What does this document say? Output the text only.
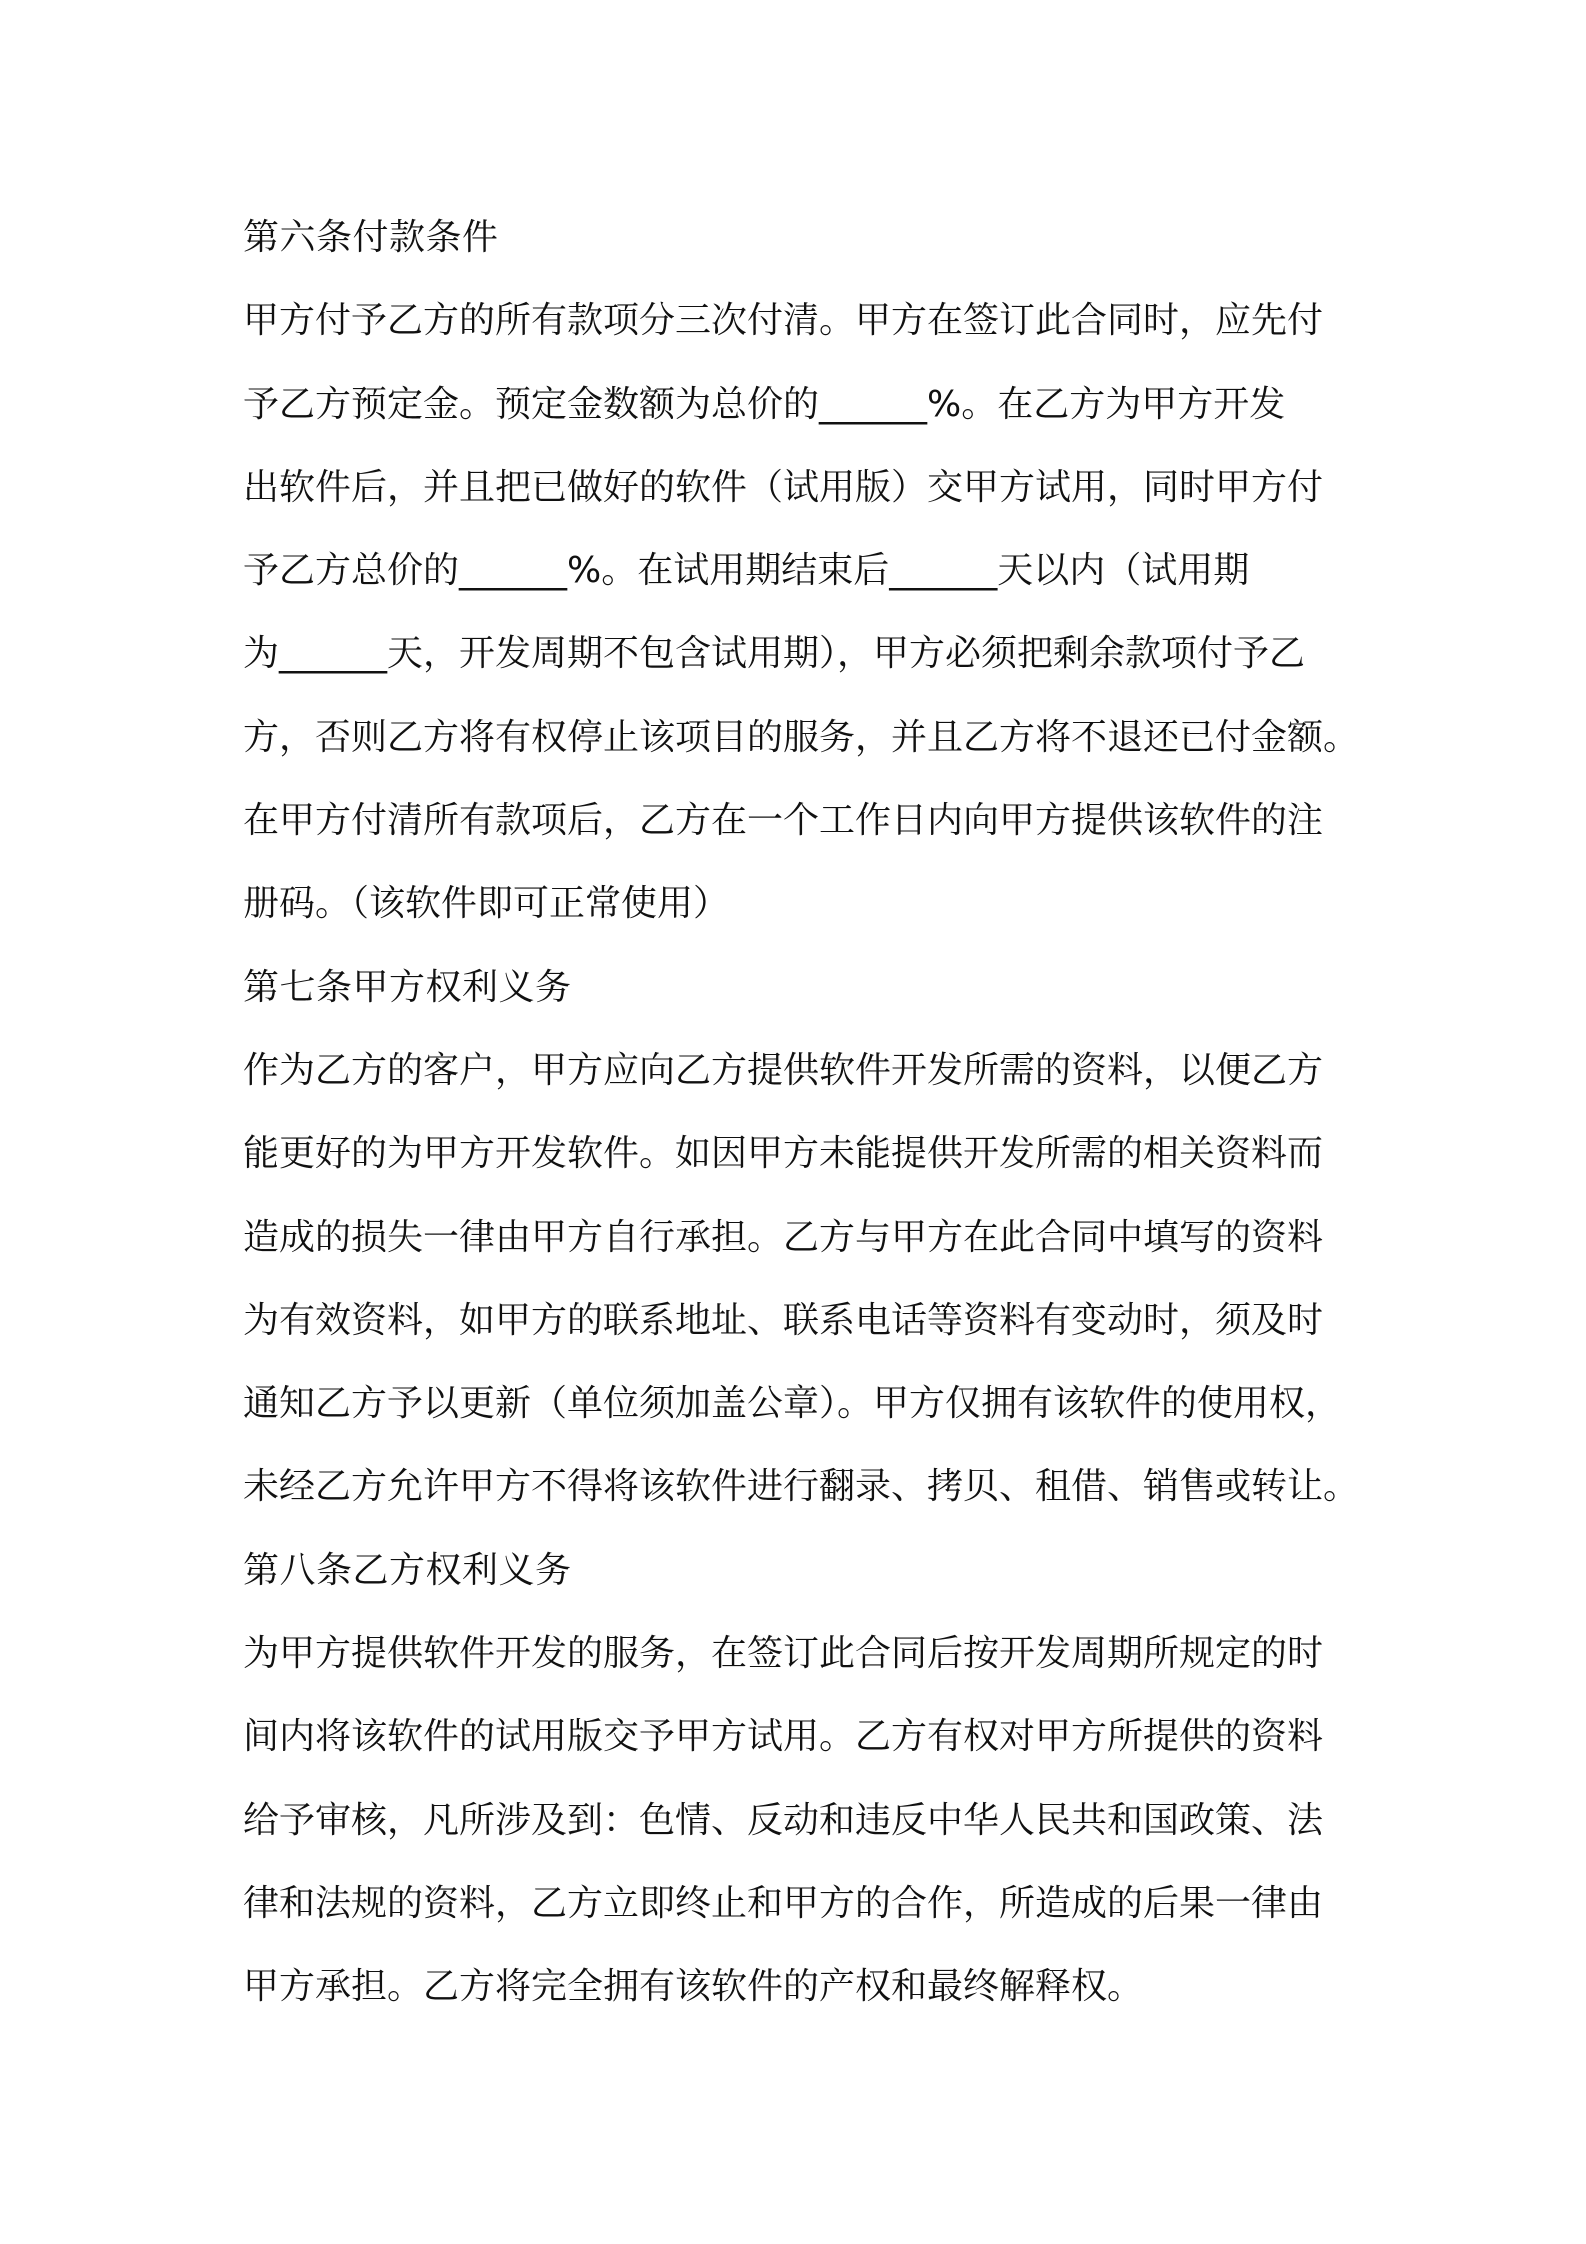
第六条付款条件
甲方付予乙方的所有款项分三次付清。甲方在签订此合同时，应先付
予乙方预定金。预定金数额为总价的______%。在乙方为甲方开发
出软件后，并且把已做好的软件（试用版）交甲方试用，同时甲方付
予乙方总价的______%。在试用期结束后______天以内（试用期
为______天，开发周期不包含试用期），甲方必须把剩余款项付予乙
方，否则乙方将有权停止该项目的服务，并且乙方将不退还已付金额。
在甲方付清所有款项后，乙方在一个工作日内向甲方提供该软件的注
册码。（该软件即可正常使用）
第七条甲方权利义务
作为乙方的客户，甲方应向乙方提供软件开发所需的资料，以便乙方
能更好的为甲方开发软件。如因甲方未能提供开发所需的相关资料而
造成的损失一律由甲方自行承担。乙方与甲方在此合同中填写的资料
为有效资料，如甲方的联系地址、联系电话等资料有变动时，须及时
通知乙方予以更新（单位须加盖公章）。甲方仅拥有该软件的使用权，
未经乙方允许甲方不得将该软件进行翻录、拷贝、租借、销售或转让。
第八条乙方权利义务
为甲方提供软件开发的服务，在签订此合同后按开发周期所规定的时
间内将该软件的试用版交予甲方试用。乙方有权对甲方所提供的资料
给予审核，凡所涉及到：色情、反动和违反中华人民共和国政策、法
律和法规的资料，乙方立即终止和甲方的合作，所造成的后果一律由
甲方承担。乙方将完全拥有该软件的产权和最终解释权。
